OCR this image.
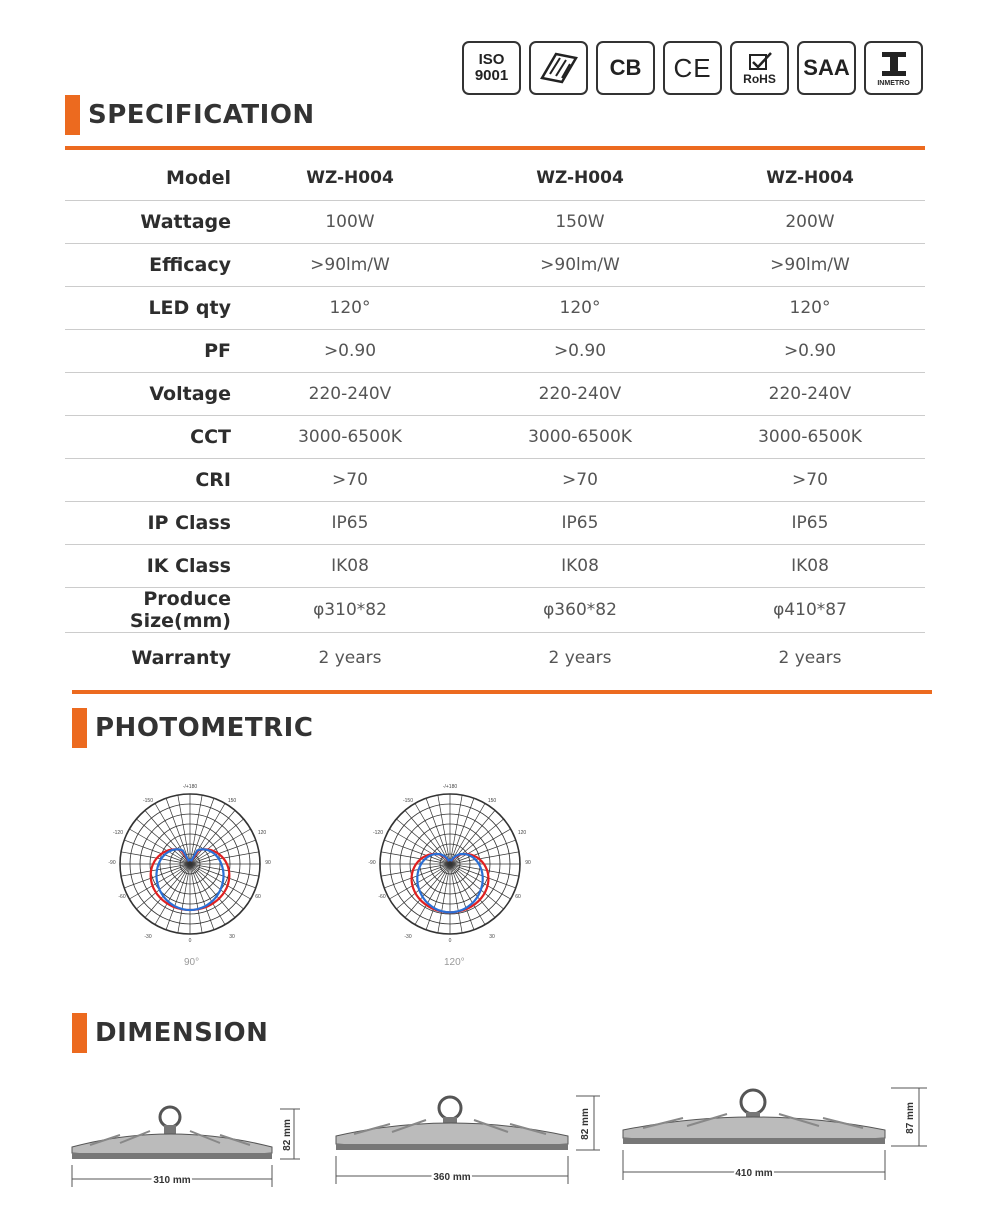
ISO
9001	CB CE	RoHS SAA
INMETRO
SPECIFICATION
Model	WZ-H004	WZ-H004	WZ-H004
Wattage	100W	150W	200W
Efficacy	>90lm/W	>90lm/W	>90lm/W
LED qty	120°	120°	120°
PF	>0.90	>0.90	>0.90
Voltage	220-240V	220-240V	220-240V
CCT	3000-6500K	3000-6500K	3000-6500K
CRI	>70	>70	>70
IP Class	IP65	IP65	IP65
IK Class	IK08	IK08	IK08
Produce Size(mm)	φ310*82	φ360*82	φ410*87
Warranty	2 years	2 years	2 years
PHOTOMETRIC
-/+180
-150	150
-120	120
-90	90
-60	60
-30
0
30
90°
-/+180
-150	150
-120	120
-90	90
-60	60
-30
0
30
120°
DIMENSION
310 mm
82 mm
360 mm
82 mm
410 mm
87 mm
